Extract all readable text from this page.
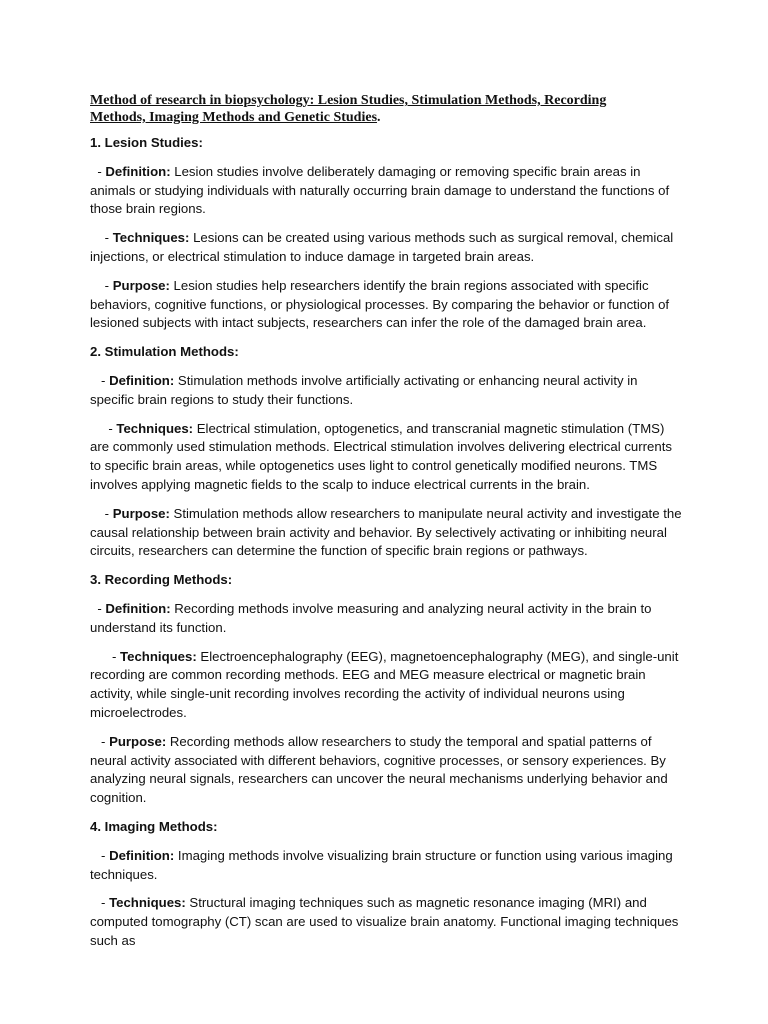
Method of research in biopsychology: Lesion Studies, Stimulation Methods, Recording
Methods, Imaging Methods and Genetic Studies.

1. Lesion Studies:

- Definition: Lesion studies involve deliberately damaging or removing specific brain areas in animals or studying individuals with naturally occurring brain damage to understand the functions of those brain regions.

- Techniques: Lesions can be created using various methods such as surgical removal, chemical injections, or electrical stimulation to induce damage in targeted brain areas.

- Purpose: Lesion studies help researchers identify the brain regions associated with specific behaviors, cognitive functions, or physiological processes. By comparing the behavior or function of lesioned subjects with intact subjects, researchers can infer the role of the damaged brain area.

2. Stimulation Methods:

- Definition: Stimulation methods involve artificially activating or enhancing neural activity in specific brain regions to study their functions.

- Techniques: Electrical stimulation, optogenetics, and transcranial magnetic stimulation (TMS) are commonly used stimulation methods. Electrical stimulation involves delivering electrical currents to specific brain areas, while optogenetics uses light to control genetically modified neurons. TMS involves applying magnetic fields to the scalp to induce electrical currents in the brain.

- Purpose: Stimulation methods allow researchers to manipulate neural activity and investigate the causal relationship between brain activity and behavior. By selectively activating or inhibiting neural circuits, researchers can determine the function of specific brain regions or pathways.

3. Recording Methods:

- Definition: Recording methods involve measuring and analyzing neural activity in the brain to understand its function.

- Techniques: Electroencephalography (EEG), magnetoencephalography (MEG), and single-unit recording are common recording methods. EEG and MEG measure electrical or magnetic brain activity, while single-unit recording involves recording the activity of individual neurons using microelectrodes.

- Purpose: Recording methods allow researchers to study the temporal and spatial patterns of neural activity associated with different behaviors, cognitive processes, or sensory experiences. By analyzing neural signals, researchers can uncover the neural mechanisms underlying behavior and cognition.

4. Imaging Methods:

- Definition: Imaging methods involve visualizing brain structure or function using various imaging techniques.

- Techniques: Structural imaging techniques such as magnetic resonance imaging (MRI) and computed tomography (CT) scan are used to visualize brain anatomy. Functional imaging techniques such as
